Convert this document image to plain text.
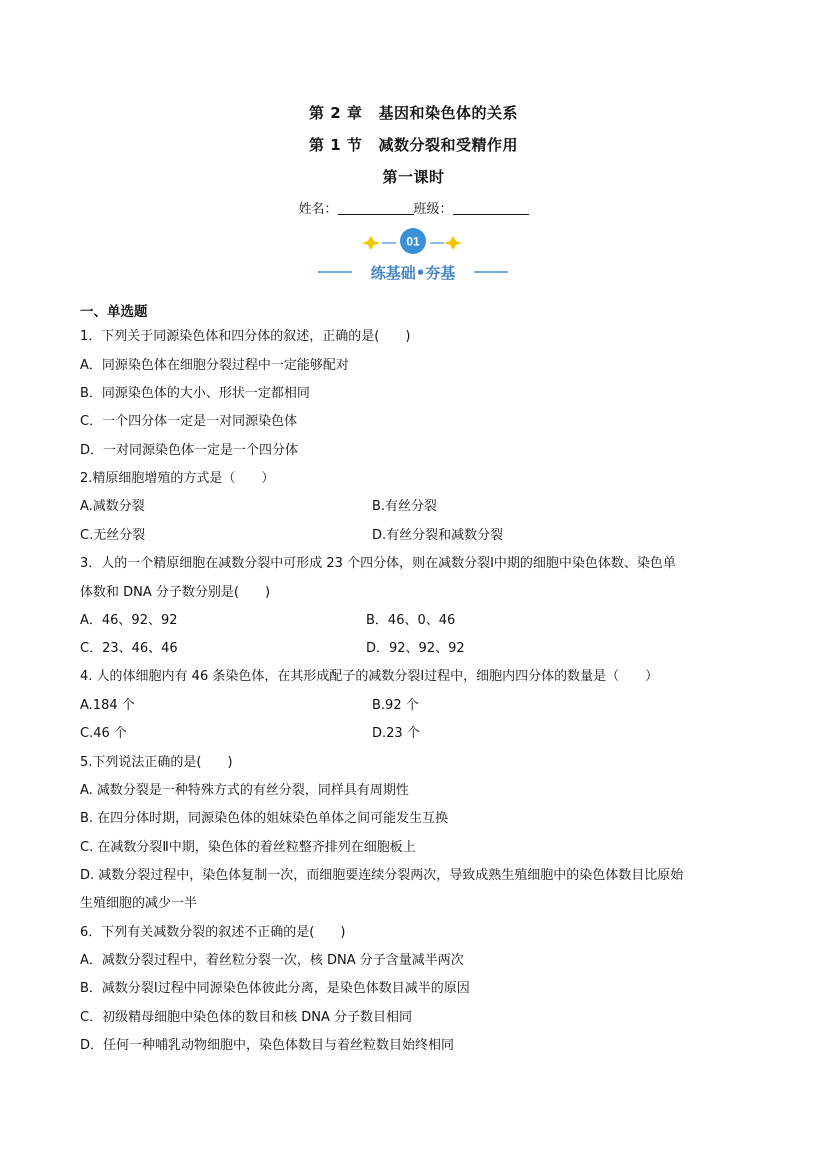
第 2 章 基因和染色体的关系
第 1 节 减数分裂和受精作用
第一课时
姓名：	班级：
01
练基础•夯基
一、单选题
1．下列关于同源染色体和四分体的叙述，正确的是(　　)
A．同源染色体在细胞分裂过程中一定能够配对
B．同源染色体的大小、形状一定都相同
C．一个四分体一定是一对同源染色体
D．一对同源染色体一定是一个四分体
2.精原细胞增殖的方式是（　　）
A.减数分裂	B.有丝分裂
C.无丝分裂	D.有丝分裂和减数分裂
3．人的一个精原细胞在减数分裂中可形成 23 个四分体，则在减数分裂Ⅰ中期的细胞中染色体数、染色单
体数和 DNA 分子数分别是(　　)
A．46、92、92	B．46、0、46
C．23、46、46	D．92、92、92
4. 人的体细胞内有 46 条染色体，在其形成配子的减数分裂Ⅰ过程中，细胞内四分体的数量是（　　）
A.184 个	B.92 个
C.46 个	D.23 个
5.下列说法正确的是(　　)
A. 减数分裂是一种特殊方式的有丝分裂，同样具有周期性
B. 在四分体时期，同源染色体的姐妹染色单体之间可能发生互换
C. 在减数分裂Ⅱ中期，染色体的着丝粒整齐排列在细胞板上
D. 减数分裂过程中，染色体复制一次，而细胞要连续分裂两次，导致成熟生殖细胞中的染色体数目比原始
生殖细胞的减少一半
6．下列有关减数分裂的叙述不正确的是(　　)
A．减数分裂过程中，着丝粒分裂一次，核 DNA 分子含量减半两次
B．减数分裂Ⅰ过程中同源染色体彼此分离，是染色体数目减半的原因
C．初级精母细胞中染色体的数目和核 DNA 分子数目相同
D．任何一种哺乳动物细胞中，染色体数目与着丝粒数目始终相同
